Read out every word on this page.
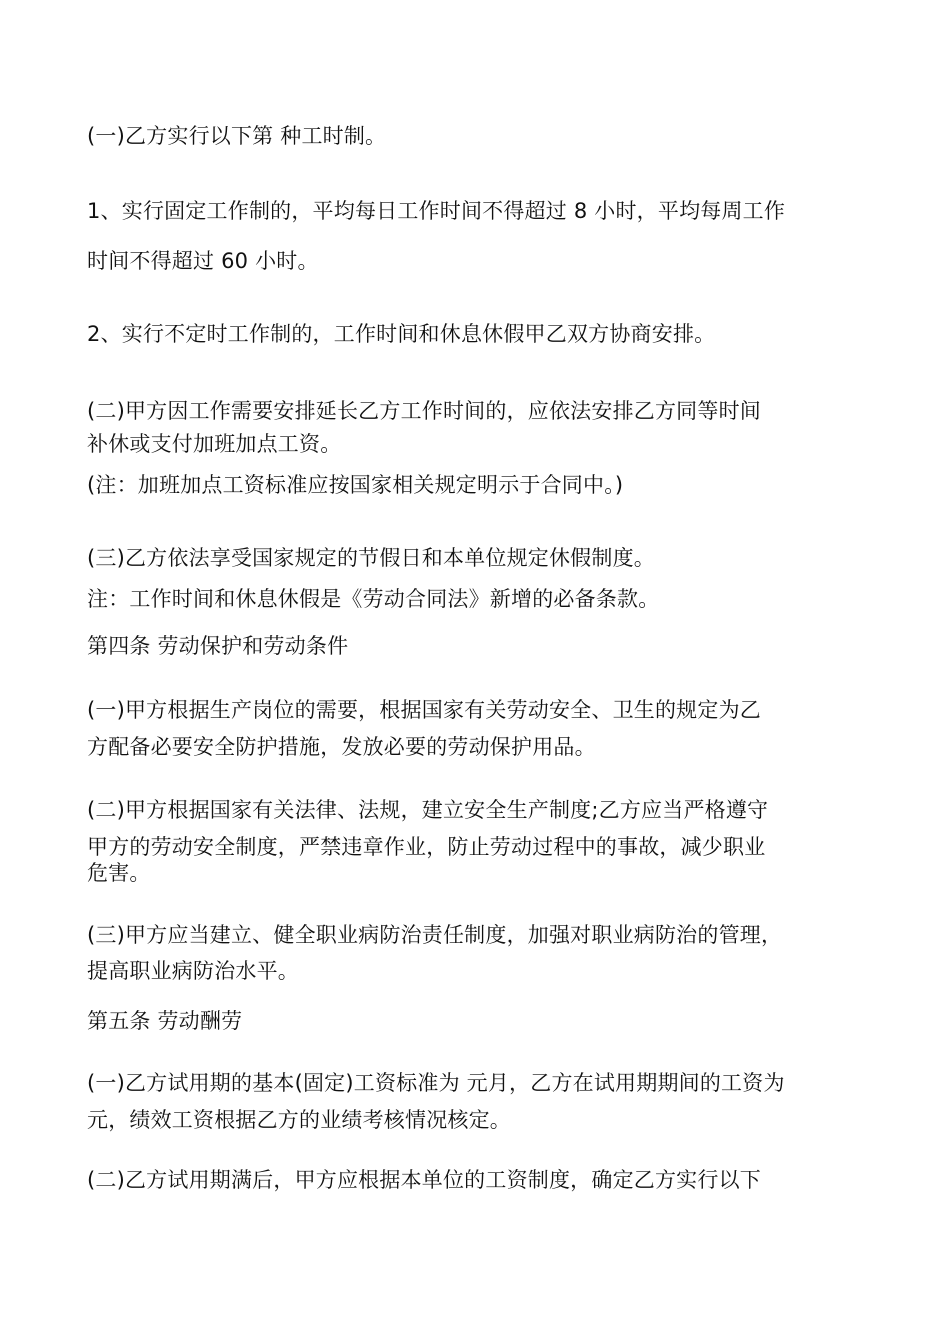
(一)乙方实行以下第 种工时制。
1、实行固定工作制的，平均每日工作时间不得超过 8 小时，平均每周工作
时间不得超过 60 小时。
2、实行不定时工作制的，工作时间和休息休假甲乙双方协商安排。
(二)甲方因工作需要安排延长乙方工作时间的，应依法安排乙方同等时间
补休或支付加班加点工资。
(注：加班加点工资标准应按国家相关规定明示于合同中。)
(三)乙方依法享受国家规定的节假日和本单位规定休假制度。
注：工作时间和休息休假是《劳动合同法》新增的必备条款。
第四条 劳动保护和劳动条件
(一)甲方根据生产岗位的需要，根据国家有关劳动安全、卫生的规定为乙
方配备必要安全防护措施，发放必要的劳动保护用品。
(二)甲方根据国家有关法律、法规，建立安全生产制度;乙方应当严格遵守
甲方的劳动安全制度，严禁违章作业，防止劳动过程中的事故，减少职业
危害。
(三)甲方应当建立、健全职业病防治责任制度，加强对职业病防治的管理，
提高职业病防治水平。
第五条 劳动酬劳
(一)乙方试用期的基本(固定)工资标准为 元月，乙方在试用期期间的工资为
元，绩效工资根据乙方的业绩考核情况核定。
(二)乙方试用期满后，甲方应根据本单位的工资制度，确定乙方实行以下
